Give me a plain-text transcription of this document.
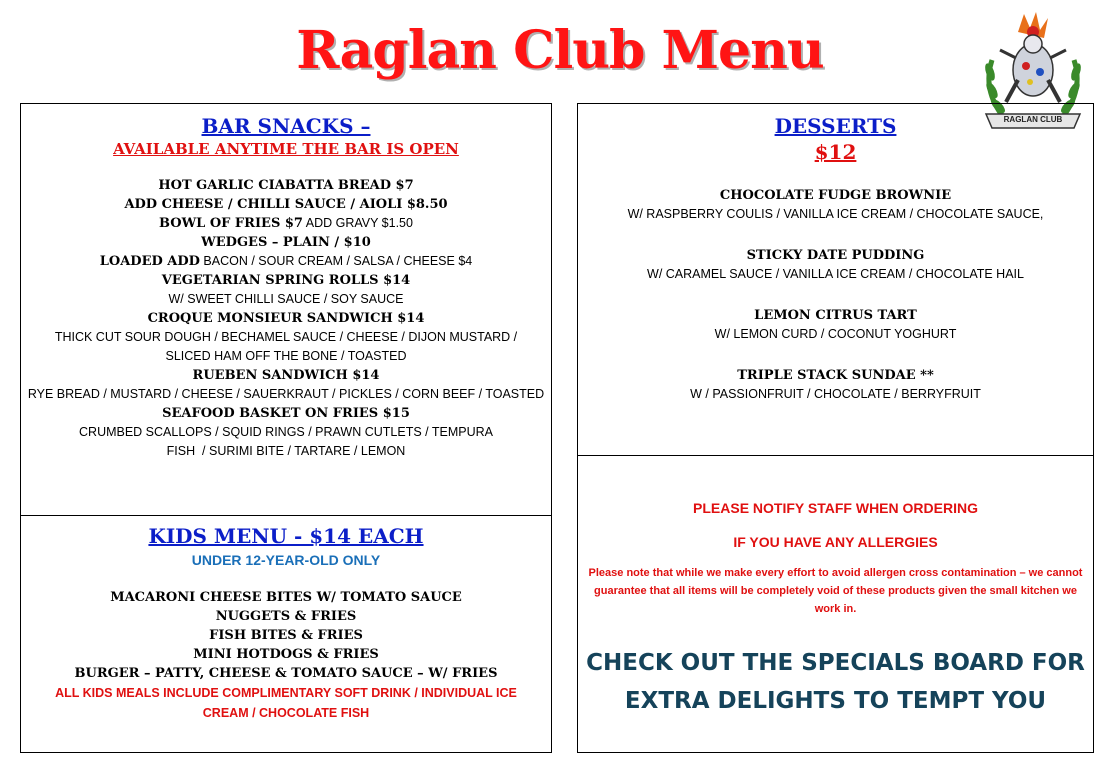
Raglan Club Menu
RAGLAN CLUB
BAR SNACKS –
AVAILABLE ANYTIME THE BAR IS OPEN

HOT GARLIC CIABATTA BREAD $7

ADD CHEESE / CHILLI SAUCE / AIOLI $8.50

BOWL OF FRIES $7 ADD GRAVY $1.50

WEDGES – PLAIN / $10

LOADED ADD BACON / SOUR CREAM / SALSA / CHEESE $4

VEGETARIAN SPRING ROLLS $14

W/ SWEET CHILLI SAUCE / SOY SAUCE

CROQUE MONSIEUR SANDWICH $14

THICK CUT SOUR DOUGH / BECHAMEL SAUCE / CHEESE / DIJON MUSTARD /

SLICED HAM OFF THE BONE / TOASTED

RUEBEN SANDWICH $14

RYE BREAD / MUSTARD / CHEESE / SAUERKRAUT / PICKLES / CORN BEEF / TOASTED

SEAFOOD BASKET ON FRIES $15

CRUMBED SCALLOPS / SQUID RINGS / PRAWN CUTLETS / TEMPURA

FISH  / SURIMI BITE / TARTARE / LEMON

KIDS MENU - $14 EACH
UNDER 12-YEAR-OLD ONLY

MACARONI CHEESE BITES W/ TOMATO SAUCE

NUGGETS & FRIES

FISH BITES & FRIES

MINI HOTDOGS & FRIES

BURGER – PATTY, CHEESE & TOMATO SAUCE – W/ FRIES

ALL KIDS MEALS INCLUDE COMPLIMENTARY SOFT DRINK / INDIVIDUAL ICE

CREAM / CHOCOLATE FISH

DESSERTS
$12

CHOCOLATE FUDGE BROWNIE

W/ RASPBERRY COULIS / VANILLA ICE CREAM / CHOCOLATE SAUCE,

STICKY DATE PUDDING

W/ CARAMEL SAUCE / VANILLA ICE CREAM / CHOCOLATE HAIL

LEMON CITRUS TART

W/ LEMON CURD / COCONUT YOGHURT

TRIPLE STACK SUNDAE **

W / PASSIONFRUIT / CHOCOLATE / BERRYFRUIT

PLEASE NOTIFY STAFF WHEN ORDERING
IF YOU HAVE ANY ALLERGIES
Please note that while we make every effort to avoid allergen cross contamination – we cannot guarantee that all items will be completely void of these products given the small kitchen we work in.
CHECK OUT THE SPECIALS BOARD FOR
EXTRA DELIGHTS TO TEMPT YOU
